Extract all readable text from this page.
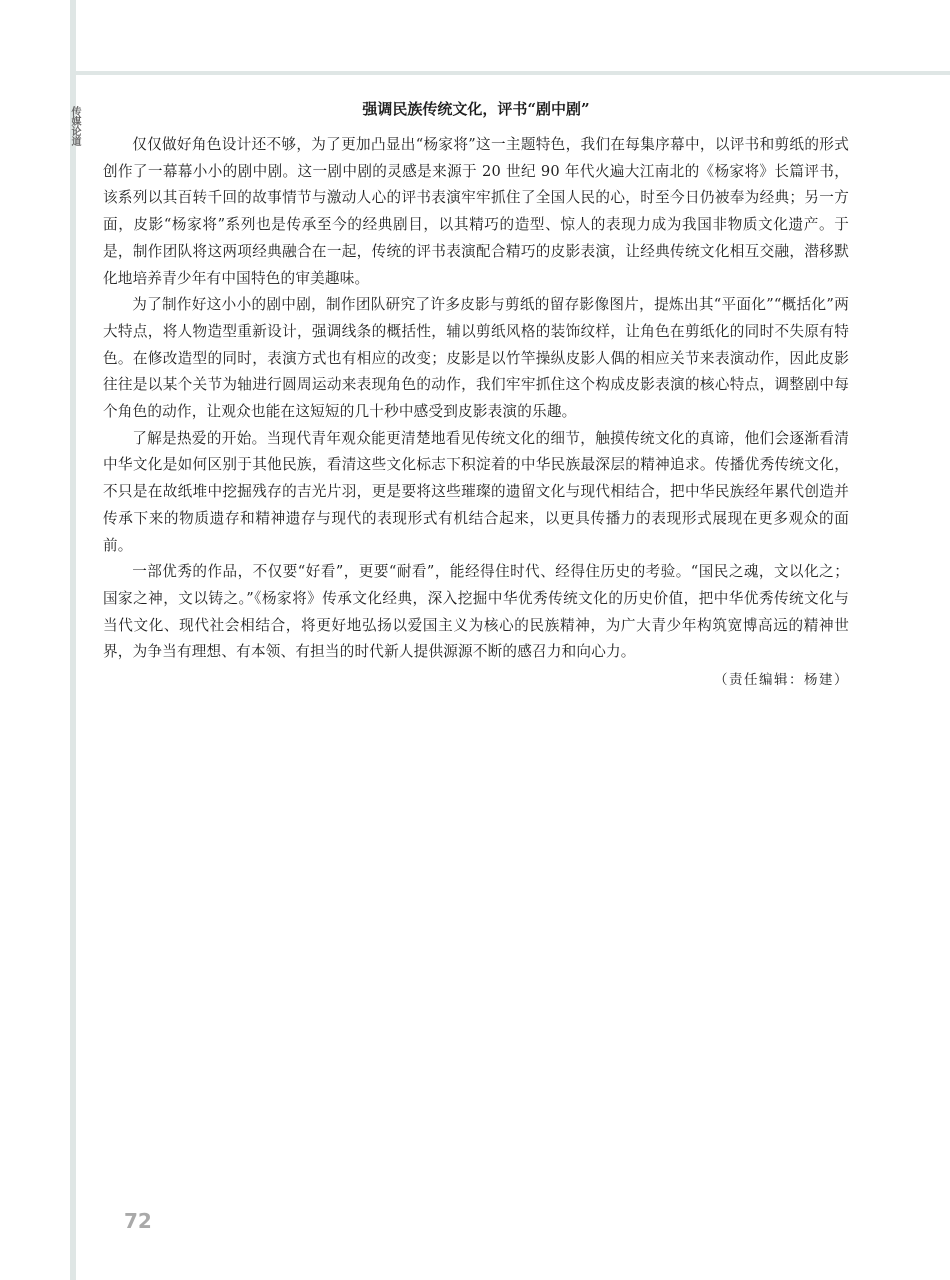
传媒论道	强调民族传统文化，评书“剧中剧”

仅仅做好角色设计还不够，为了更加凸显出“杨家将”这一主题特色，我们在每集序幕中，以评书和剪纸的形式创作了一幕幕小小的剧中剧。这一剧中剧的灵感是来源于 20 世纪 90 年代火遍大江南北的《杨家将》长篇评书，该系列以其百转千回的故事情节与激动人心的评书表演牢牢抓住了全国人民的心，时至今日仍被奉为经典；另一方面，皮影“杨家将”系列也是传承至今的经典剧目，以其精巧的造型、惊人的表现力成为我国非物质文化遗产。于是，制作团队将这两项经典融合在一起，传统的评书表演配合精巧的皮影表演，让经典传统文化相互交融，潜移默化地培养青少年有中国特色的审美趣味。

为了制作好这小小的剧中剧，制作团队研究了许多皮影与剪纸的留存影像图片，提炼出其“平面化”“概括化”两大特点，将人物造型重新设计，强调线条的概括性，辅以剪纸风格的装饰纹样，让角色在剪纸化的同时不失原有特色。在修改造型的同时，表演方式也有相应的改变；皮影是以竹竿操纵皮影人偶的相应关节来表演动作，因此皮影往往是以某个关节为轴进行圆周运动来表现角色的动作，我们牢牢抓住这个构成皮影表演的核心特点，调整剧中每个角色的动作，让观众也能在这短短的几十秒中感受到皮影表演的乐趣。

了解是热爱的开始。当现代青年观众能更清楚地看见传统文化的细节，触摸传统文化的真谛，他们会逐渐看清中华文化是如何区别于其他民族，看清这些文化标志下积淀着的中华民族最深层的精神追求。传播优秀传统文化，不只是在故纸堆中挖掘残存的吉光片羽，更是要将这些璀璨的遗留文化与现代相结合，把中华民族经年累代创造并传承下来的物质遗存和精神遗存与现代的表现形式有机结合起来，以更具传播力的表现形式展现在更多观众的面前。

一部优秀的作品，不仅要“好看”，更要“耐看”，能经得住时代、经得住历史的考验。“国民之魂，文以化之；国家之神，文以铸之。”《杨家将》传承文化经典，深入挖掘中华优秀传统文化的历史价值，把中华优秀传统文化与当代文化、现代社会相结合，将更好地弘扬以爱国主义为核心的民族精神，为广大青少年构筑宽博高远的精神世界，为争当有理想、有本领、有担当的时代新人提供源源不断的感召力和向心力。

（责任编辑：杨建）

72
